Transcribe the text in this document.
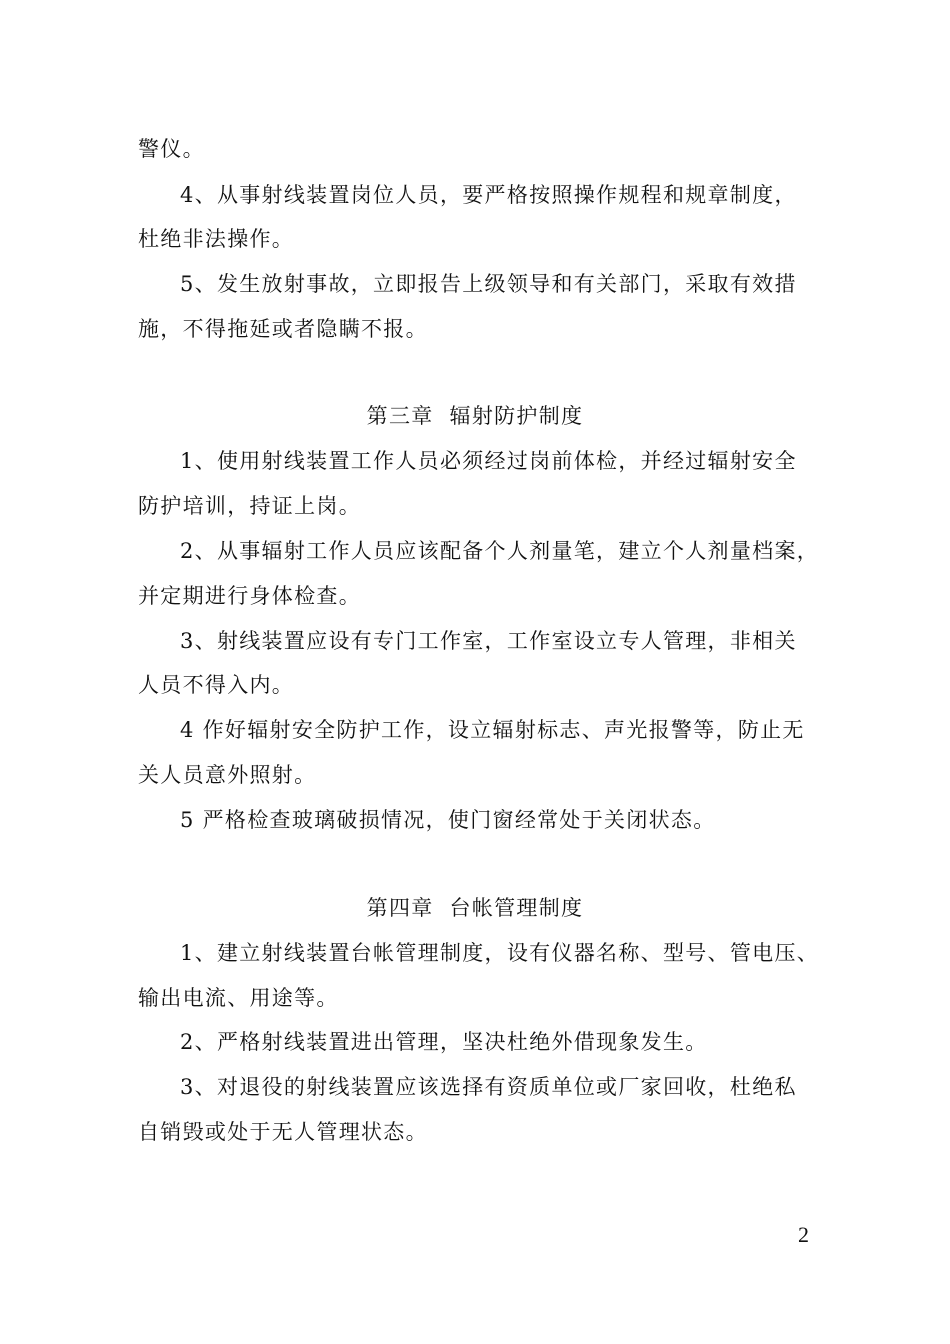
警仪。
4、从事射线装置岗位人员，要严格按照操作规程和规章制度，
杜绝非法操作。
5、发生放射事故，立即报告上级领导和有关部门，采取有效措
施，不得拖延或者隐瞒不报。
第三章  辐射防护制度
1、使用射线装置工作人员必须经过岗前体检，并经过辐射安全
防护培训，持证上岗。
2、从事辐射工作人员应该配备个人剂量笔，建立个人剂量档案，
并定期进行身体检查。
3、射线装置应设有专门工作室，工作室设立专人管理，非相关
人员不得入内。
4 作好辐射安全防护工作，设立辐射标志、声光报警等，防止无
关人员意外照射。
5 严格检查玻璃破损情况，使门窗经常处于关闭状态。
第四章  台帐管理制度
1、建立射线装置台帐管理制度，设有仪器名称、型号、管电压、
输出电流、用途等。
2、严格射线装置进出管理，坚决杜绝外借现象发生。
3、对退役的射线装置应该选择有资质单位或厂家回收，杜绝私
自销毁或处于无人管理状态。
2
